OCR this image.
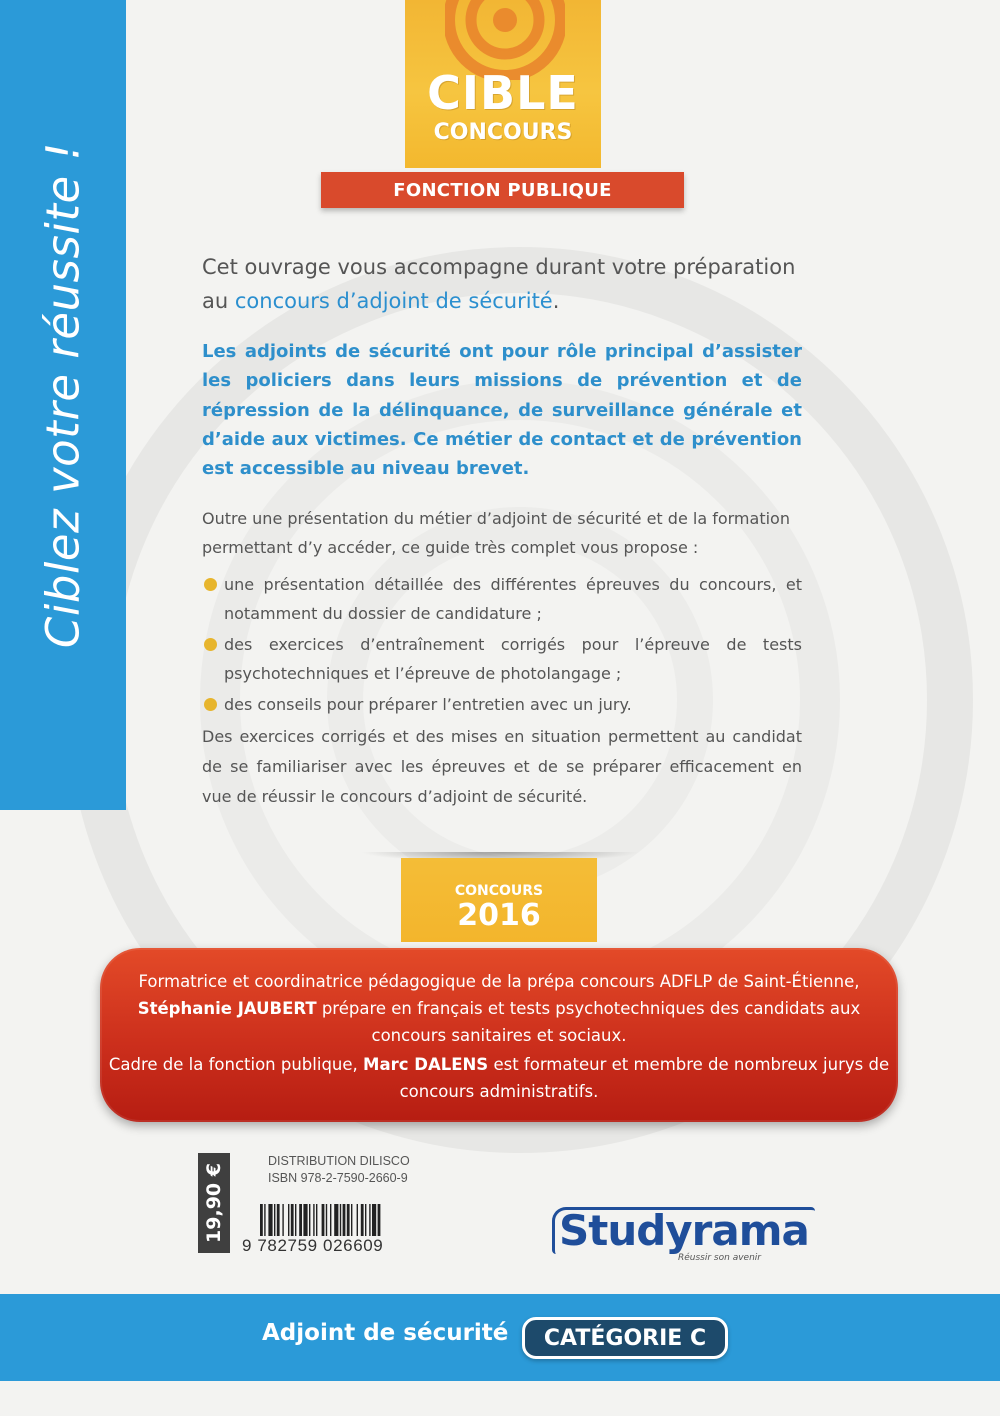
Ciblez votre réussite !
CIBLE
CONCOURS
FONCTION PUBLIQUE

Cet ouvrage vous accompagne durant votre préparation au concours d’adjoint de sécurité.

Les adjoints de sécurité ont pour rôle principal d’assister les policiers dans leurs missions de prévention et de répression de la délinquance, de surveillance générale et d’aide aux victimes. Ce métier de contact et de prévention est accessible au niveau brevet.

Outre une présentation du métier d’adjoint de sécurité et de la formation permettant d’y accéder, ce guide très complet vous propose :

une présentation détaillée des différentes épreuves du concours, et notamment du dossier de candidature ;
des exercices d’entraînement corrigés pour l’épreuve de tests psychotechniques et l’épreuve de photolangage ;
des conseils pour préparer l’entretien avec un jury.

Des exercices corrigés et des mises en situation permettent au candidat de se familiariser avec les épreuves et de se préparer efficacement en vue de réussir le concours d’adjoint de sécurité.

CONCOURS
2016

Formatrice et coordinatrice pédagogique de la prépa concours ADFLP de Saint-Étienne, Stéphanie JAUBERT prépare en français et tests psychotechniques des candidats aux concours sanitaires et sociaux.

Cadre de la fonction publique, Marc DALENS est formateur et membre de nombreux jurys de concours administratifs.

19,90 €
DISTRIBUTION DILISCO
ISBN 978-2-7590-2660-9
9 782759 026609	Studyrama
Réussir son avenir
Adjoint de sécurité	CATÉGORIE C
